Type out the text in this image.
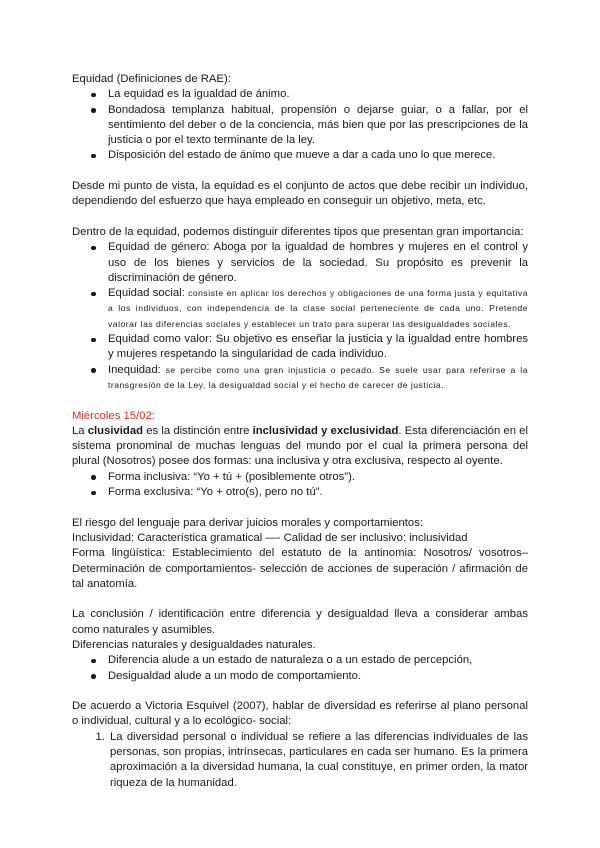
Equidad (Definiciones de RAE):

La equidad es la igualdad de ánimo.
Bondadosa templanza habitual, propensión o dejarse guiar, o a fallar, por el sentimiento del deber o de la conciencia, más bien que por las prescripciones de la justicia o por el texto terminante de la ley.
Disposición del estado de ánimo que mueve a dar a cada uno lo que merece.

Desde mi punto de vista, la equidad es el conjunto de actos que debe recibir un individuo, dependiendo del esfuerzo que haya empleado en conseguir un objetivo, meta, etc.

Dentro de la equidad, podemos distinguir diferentes tipos que presentan gran importancia:

Equidad de género: Aboga por la igualdad de hombres y mujeres en el control y uso de los bienes y servicios de la sociedad. Su propósito es prevenir la discriminación de género.
Equidad social: consiste en aplicar los derechos y obligaciones de una forma justa y equitativa a los individuos, con independencia de la clase social perteneciente de cada uno. Pretende valorar las diferencias sociales y establecer un trato para superar las desigualdades sociales.
Equidad como valor: Su objetivo es enseñar la justicia y la igualdad entre hombres y mujeres respetando la singularidad de cada individuo.
Inequidad: se percibe como una gran injusticia o pecado. Se suele usar para referirse a la transgresión de la Ley, la desigualdad social y el hecho de carecer de justicia.

Miércoles 15/02:

La clusividad es la distinción entre inclusividad y exclusividad. Esta diferenciación en el sistema pronominal de muchas lenguas del mundo por el cual la primera persona del plural (Nosotros) posee dos formas: una inclusiva y otra exclusiva, respecto al oyente.

Forma inclusiva: “Yo + tú + (posiblemente otros”).
Forma exclusiva: “Yo + otro(s), pero no tú”.

El riesgo del lenguaje para derivar juicios morales y comportamientos:

Inclusividad: Característica gramatical —- Calidad de ser inclusivo: inclusividad

Forma lingüística: Establecimiento del estatuto de la antinomia: Nosotros/ vosotros– Determinación de comportamientos- selección de acciones de superación / afirmación de tal anatomía.

La conclusión / identificación entre diferencia y desigualdad lleva a considerar ambas como naturales y asumibles.

Diferencias naturales y desigualdades naturales.

Diferencia alude a un estado de naturaleza o a un estado de percepción,
Desigualdad alude a un modo de comportamiento.

De acuerdo a Victoria Esquivel (2007), hablar de diversidad es referirse al plano personal o individual, cultural y a lo ecológico- social:

1. La diversidad personal o individual se refiere a las diferencias individuales de las personas, son propias, intrínsecas, particulares en cada ser humano. Es la primera aproximación a la diversidad humana, la cual constituye, en primer orden, la mator riqueza de la humanidad.
